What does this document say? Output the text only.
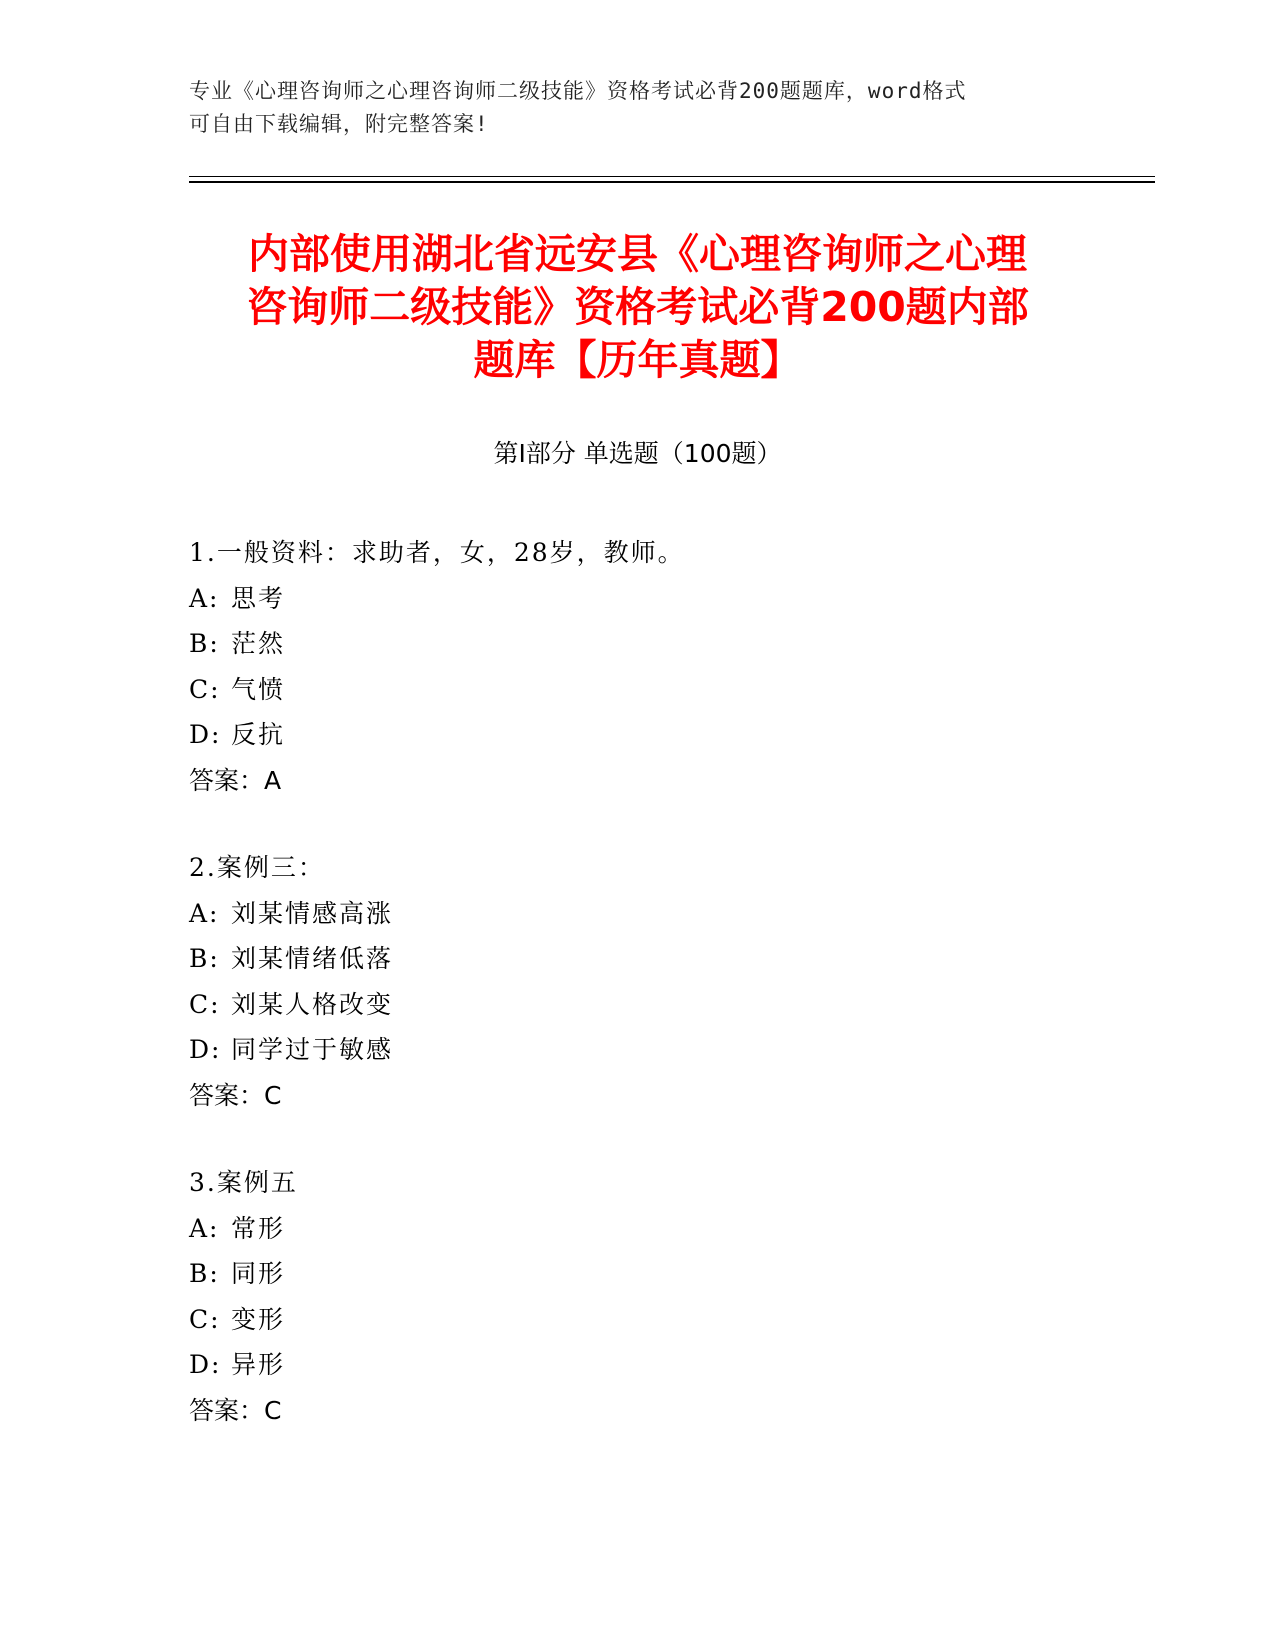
专业《心理咨询师之心理咨询师二级技能》资格考试必背200题题库，word格式
可自由下载编辑，附完整答案!
内部使用湖北省远安县《心理咨询师之心理
咨询师二级技能》资格考试必背200题内部
题库【历年真题】
第Ⅰ部分 单选题（100题）
1.一般资料：求助者，女，28岁，教师。
A: 思考
B: 茫然
C: 气愤
D: 反抗
答案：A
2.案例三：
A: 刘某情感高涨
B: 刘某情绪低落
C: 刘某人格改变
D: 同学过于敏感
答案：C
3.案例五
A: 常形
B: 同形
C: 变形
D: 异形
答案：C
